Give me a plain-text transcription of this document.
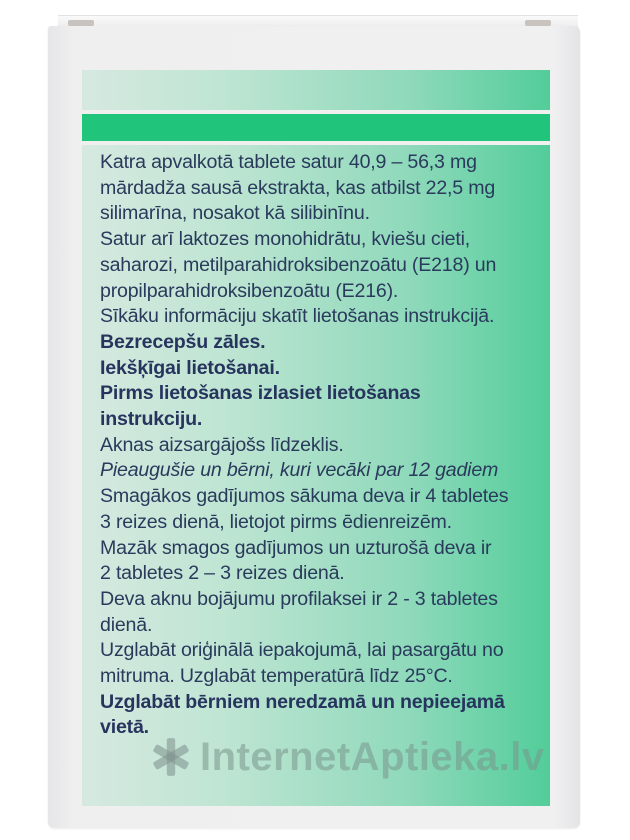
Katra apvalkotā tablete satur 40,9 – 56,3 mg

mārdadža sausā ekstrakta, kas atbilst 22,5 mg

silimarīna, nosakot kā silibinīnu.

Satur arī laktozes monohidrātu, kviešu cieti,

saharozi, metilparahidroksibenzoātu (E218) un

propilparahidroksibenzoātu (E216).

Sīkāku informāciju skatīt lietošanas instrukcijā.

Bezrecepšu zāles.

Iekšķīgai lietošanai.

Pirms lietošanas izlasiet lietošanas

instrukciju.

Aknas aizsargājošs līdzeklis.

Pieaugušie un bērni, kuri vecāki par 12 gadiem

Smagākos gadījumos sākuma deva ir 4 tabletes

3 reizes dienā, lietojot pirms ēdienreizēm.

Mazāk smagos gadījumos un uzturošā deva ir

2 tabletes 2 – 3 reizes dienā.

Deva aknu bojājumu profilaksei ir 2 - 3 tabletes

dienā.

Uzglabāt oriģinālā iepakojumā, lai pasargātu no

mitruma. Uzglabāt temperatūrā līdz 25°C.

Uzglabāt bērniem neredzamā un nepieejamā

vietā.

InternetAptieka.lv
